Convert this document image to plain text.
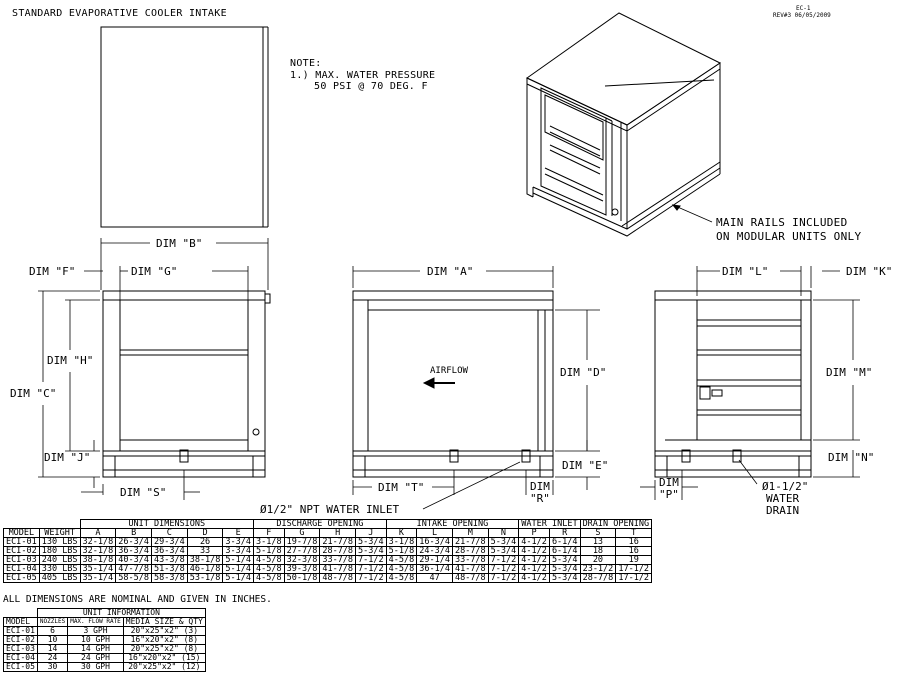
STANDARD EVAPORATIVE COOLER INTAKE	EC-1
REV#3 06/05/2009
NOTE:
1.) MAX. WATER PRESSURE
50 PSI @ 70 DEG. F
MAIN RAILS INCLUDED
ON MODULAR UNITS ONLY
DIM "B"
DIM "F"	DIM "G"
DIM "H"
DIM "C"
DIM "J"
DIM "S"
DIM "A"
DIM "D"
DIM "E"
DIM "T"	DIM
"R"
DIM "L"	DIM "K"
DIM "M"
DIM "N"
DIM
"P"
Ø1/2" NPT WATER INLET
Ø1-1/2"
WATER
DRAIN
AIRFLOW
		UNIT DIMENSIONS					DISCHARGE OPENING				INTAKE OPENING				WATER INLET		DRAIN OPENING	
MODEL	WEIGHT	A	B	C	D	E	F	G	H	J	K	L	M	N	P	R	S	T
ECI-01	130 LBS	32-1/8	26-3/4	29-3/4	26	3-3/4	3-1/8	19-7/8	21-7/8	5-3/4	3-1/8	16-3/4	21-7/8	5-3/4	4-1/2	6-1/4	13	16
ECI-02	180 LBS	32-1/8	36-3/4	36-3/4	33	3-3/4	5-1/8	27-7/8	28-7/8	5-3/4	5-1/8	24-3/4	28-7/8	5-3/4	4-1/2	6-1/4	18	16
ECI-03	240 LBS	38-1/8	40-3/4	43-3/8	38-1/8	5-1/4	4-5/8	32-3/8	33-7/8	7-1/2	4-5/8	29-1/4	33-7/8	7-1/2	4-1/2	5-3/4	20	19
ECI-04	330 LBS	35-1/4	47-7/8	51-3/8	46-1/8	5-1/4	4-5/8	39-3/8	41-7/8	7-1/2	4-5/8	36-1/4	41-7/8	7-1/2	4-1/2	5-3/4	23-1/2	17-1/2
ECI-05	405 LBS	35-1/4	58-5/8	58-3/8	53-1/8	5-1/4	4-5/8	50-1/8	48-7/8	7-1/2	4-5/8	47	48-7/8	7-1/2	4-1/2	5-3/4	28-7/8	17-1/2
ALL DIMENSIONS ARE NOMINAL AND GIVEN IN INCHES.
	UNIT INFORMATION		
MODEL	NOZZLES	MAX. FLOW RATE	MEDIA SIZE & QTY
ECI-01	6	3 GPH	20"x25"x2" (3)
ECI-02	10	10 GPH	16"x20"x2" (8)
ECI-03	14	14 GPH	20"x25"x2" (8)
ECI-04	24	24 GPH	16"x20"x2" (15)
ECI-05	30	30 GPH	20"x25"x2" (12)
